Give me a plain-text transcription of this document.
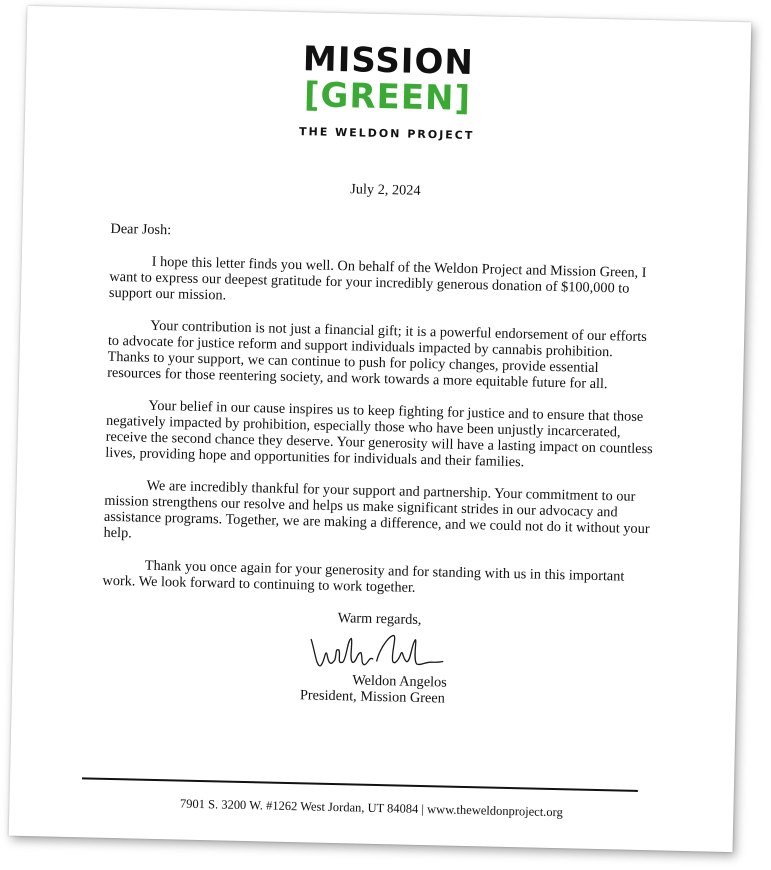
MISSION
[GREEN]
THE WELDON PROJECT

July 2, 2024

Dear Josh:

I hope this letter finds you well. On behalf of the Weldon Project and Mission Green, I want to express our deepest gratitude for your incredibly generous donation of $100,000 to support our mission.

Your contribution is not just a financial gift; it is a powerful endorsement of our efforts to advocate for justice reform and support individuals impacted by cannabis prohibition. Thanks to your support, we can continue to push for policy changes, provide essential resources for those reentering society, and work towards a more equitable future for all.

Your belief in our cause inspires us to keep fighting for justice and to ensure that those negatively impacted by prohibition, especially those who have been unjustly incarcerated, receive the second chance they deserve. Your generosity will have a lasting impact on countless lives, providing hope and opportunities for individuals and their families.

We are incredibly thankful for your support and partnership. Your commitment to our mission strengthens our resolve and helps us make significant strides in our advocacy and assistance programs. Together, we are making a difference, and we could not do it without your help.

Thank you once again for your generosity and for standing with us in this important work. We look forward to continuing to work together.

Warm regards,
Weldon Angelos
President, Mission Green
7901 S. 3200 W. #1262 West Jordan, UT 84084 | www.theweldonproject.org
